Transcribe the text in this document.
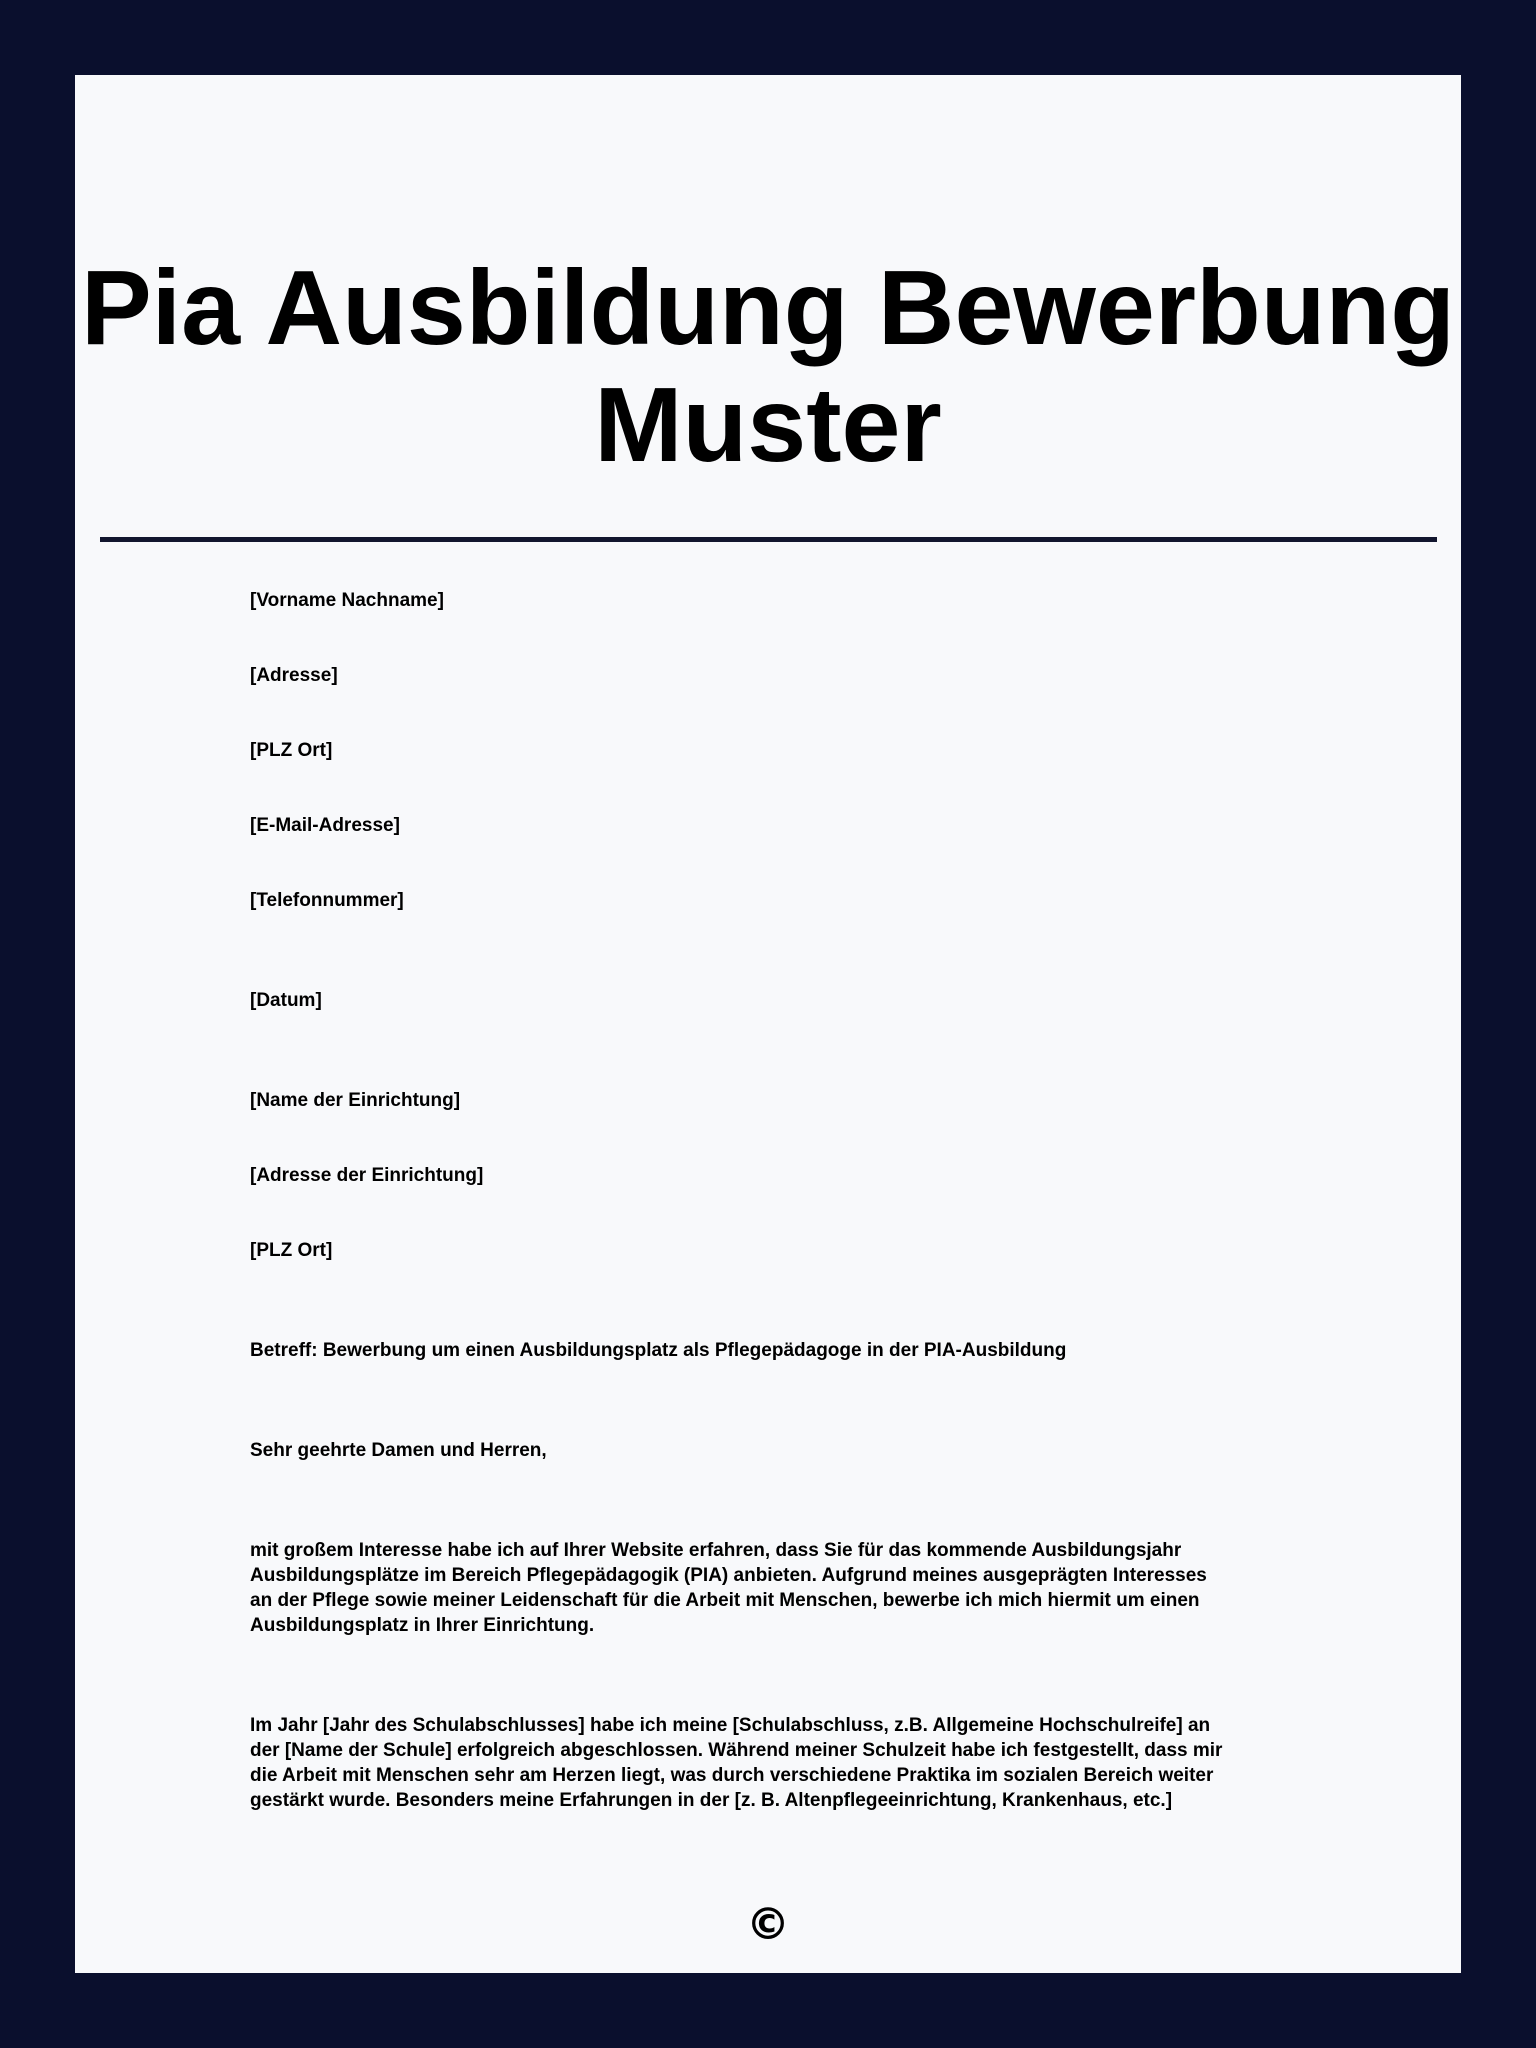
Pia Ausbildung Bewerbung
Muster
[Vorname Nachname]
[Adresse]
[PLZ Ort]
[E-Mail-Adresse]
[Telefonnummer]
[Datum]
[Name der Einrichtung]
[Adresse der Einrichtung]
[PLZ Ort]
Betreff: Bewerbung um einen Ausbildungsplatz als Pflegepädagoge in der PIA-Ausbildung
Sehr geehrte Damen und Herren,
mit großem Interesse habe ich auf Ihrer Website erfahren, dass Sie für das kommende Ausbildungsjahr
Ausbildungsplätze im Bereich Pflegepädagogik (PIA) anbieten. Aufgrund meines ausgeprägten Interesses
an der Pflege sowie meiner Leidenschaft für die Arbeit mit Menschen, bewerbe ich mich hiermit um einen
Ausbildungsplatz in Ihrer Einrichtung.
Im Jahr [Jahr des Schulabschlusses] habe ich meine [Schulabschluss, z.B. Allgemeine Hochschulreife] an
der [Name der Schule] erfolgreich abgeschlossen. Während meiner Schulzeit habe ich festgestellt, dass mir
die Arbeit mit Menschen sehr am Herzen liegt, was durch verschiedene Praktika im sozialen Bereich weiter
gestärkt wurde. Besonders meine Erfahrungen in der [z. B. Altenpflegeeinrichtung, Krankenhaus, etc.]
©
